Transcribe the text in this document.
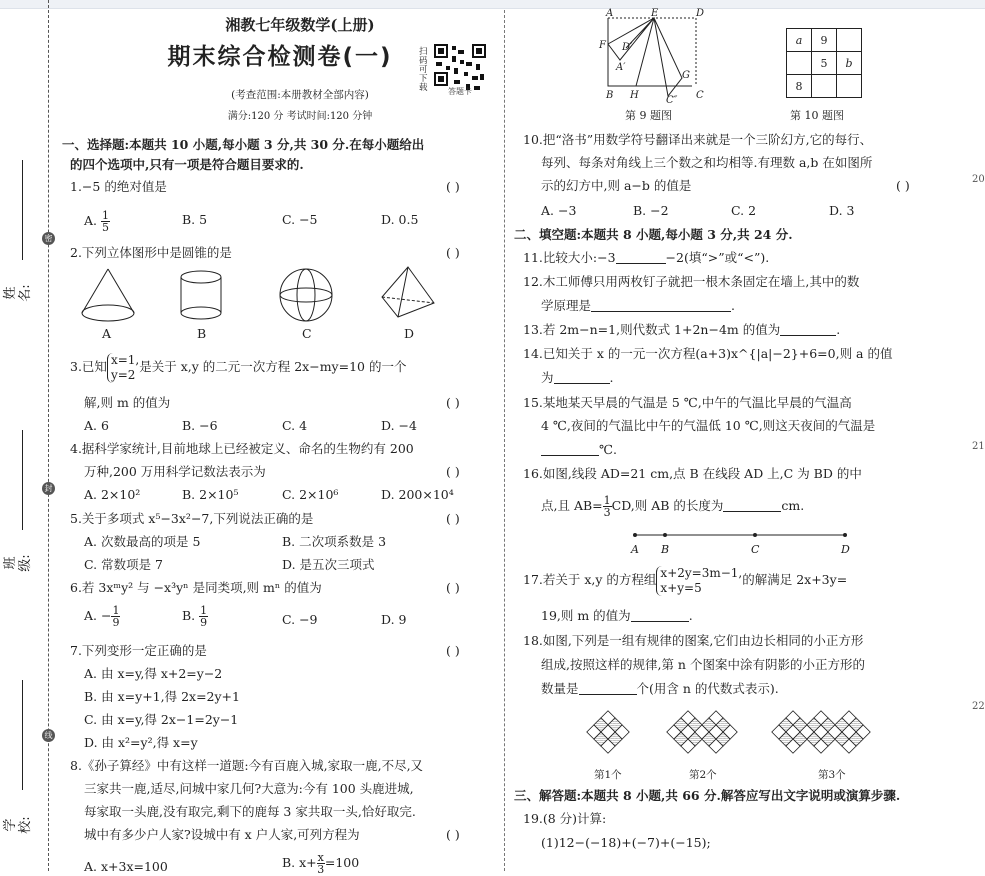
姓名:
班级:
学校:
密
封
线
湘教七年级数学(上册)
期末综合检测卷(一)
(考查范围:本册教材全部内容)
满分:120 分 考试时间:120 分钟
扫码可下载	答题卡
一、选择题:本题共 10 小题,每小题 3 分,共 30 分.在每小题给出
的四个选项中,只有一项是符合题目要求的.
1.−5 的绝对值是	( )
A. $\frac{1}{5}$	B. 5	C. −5	D. 0.5
2.下列立体图形中是圆锥的是	( )
A	B	C	D
3.已知 x=1,
y=2
是关于 x,y 的二元一次方程 2x−my=10 的一个
解,则 m 的值为	( )
A. 6	B. −6	C. 4	D. −4
4.据科学家统计,目前地球上已经被定义、命名的生物约有 200
万种,200 万用科学记数法表示为	( )
A. 2×10²	B. 2×10⁵	C. 2×10⁶	D. 200×10⁴
5.关于多项式 x⁵−3x²−7,下列说法正确的是	( )
A. 次数最高的项是 5	B. 二次项系数是 3
C. 常数项是 7	D. 是五次三项式
6.若 3xᵐy² 与 −x³yⁿ 是同类项,则 mⁿ 的值为	( )
A. − $\frac{1}{9}$	B. $\frac{1}{9}$	C. −9	D. 9
7.下列变形一定正确的是	( )
A. 由 x=y,得 x+2=y−2
B. 由 x=y+1,得 2x=2y+1
C. 由 x=y,得 2x−1=2y−1
D. 由 x²=y²,得 x=y
8.《孙子算经》中有这样一道题:今有百鹿入城,家取一鹿,不尽,又
三家共一鹿,适尽,问城中家几何?大意为:今有 100 头鹿进城,
每家取一头鹿,没有取完,剩下的鹿每 3 家共取一头,恰好取完.
城中有多少户人家?设城中有 x 户人家,可列方程为	( )
A. x+3x=100	B. $x+ \frac{x}{3} =100$
A	E	D
F D′
A′
B H
G
C
C″
第 9 题图
a	9	
	5	b
8		
第 10 题图
10.把“洛书”用数学符号翻译出来就是一个三阶幻方,它的每行、
每列、每条对角线上三个数之和均相等.有理数 a,b 在如图所
示的幻方中,则 a−b 的值是	( )
A. −3	B. −2	C. 2	D. 3
二、填空题:本题共 8 小题,每小题 3 分,共 24 分.
11.比较大小:−3	−2(填“>”或“<”).
12.木工师傅只用两枚钉子就把一根木条固定在墙上,其中的数
学原理是	.
13.若 2m−n=1,则代数式 1+2n−4m 的值为	.
14.已知关于 x 的一元一次方程(a+3)x^{|a|−2}+6=0,则 a 的值
为	.
15.某地某天早晨的气温是 5 ℃,中午的气温比早晨的气温高
4 ℃,夜间的气温比中午的气温低 10 ℃,则这天夜间的气温是
℃.
16.如图,线段 AD=21 cm,点 B 在线段 AD 上,C 为 BD 的中
点,且 $AB= \frac{1}{3}$ CD,则 AB 的长度为	cm.
A B	C	D
17.若关于 x,y 的方程组 x+2y=3m−1,
x+y=5
的解满足 2x+3y=
19,则 m 的值为	.
18.如图,下列是一组有规律的图案,它们由边长相同的小正方形
组成,按照这样的规律,第 n 个图案中涂有阴影的小正方形的
数量是	个(用含 n 的代数式表示).
第1个	第2个	第3个
三、解答题:本题共 8 小题,共 66 分.解答应写出文字说明或演算步骤.
19.(8 分)计算:
(1)12−(−18)+(−7)+(−15);
20
21
22
